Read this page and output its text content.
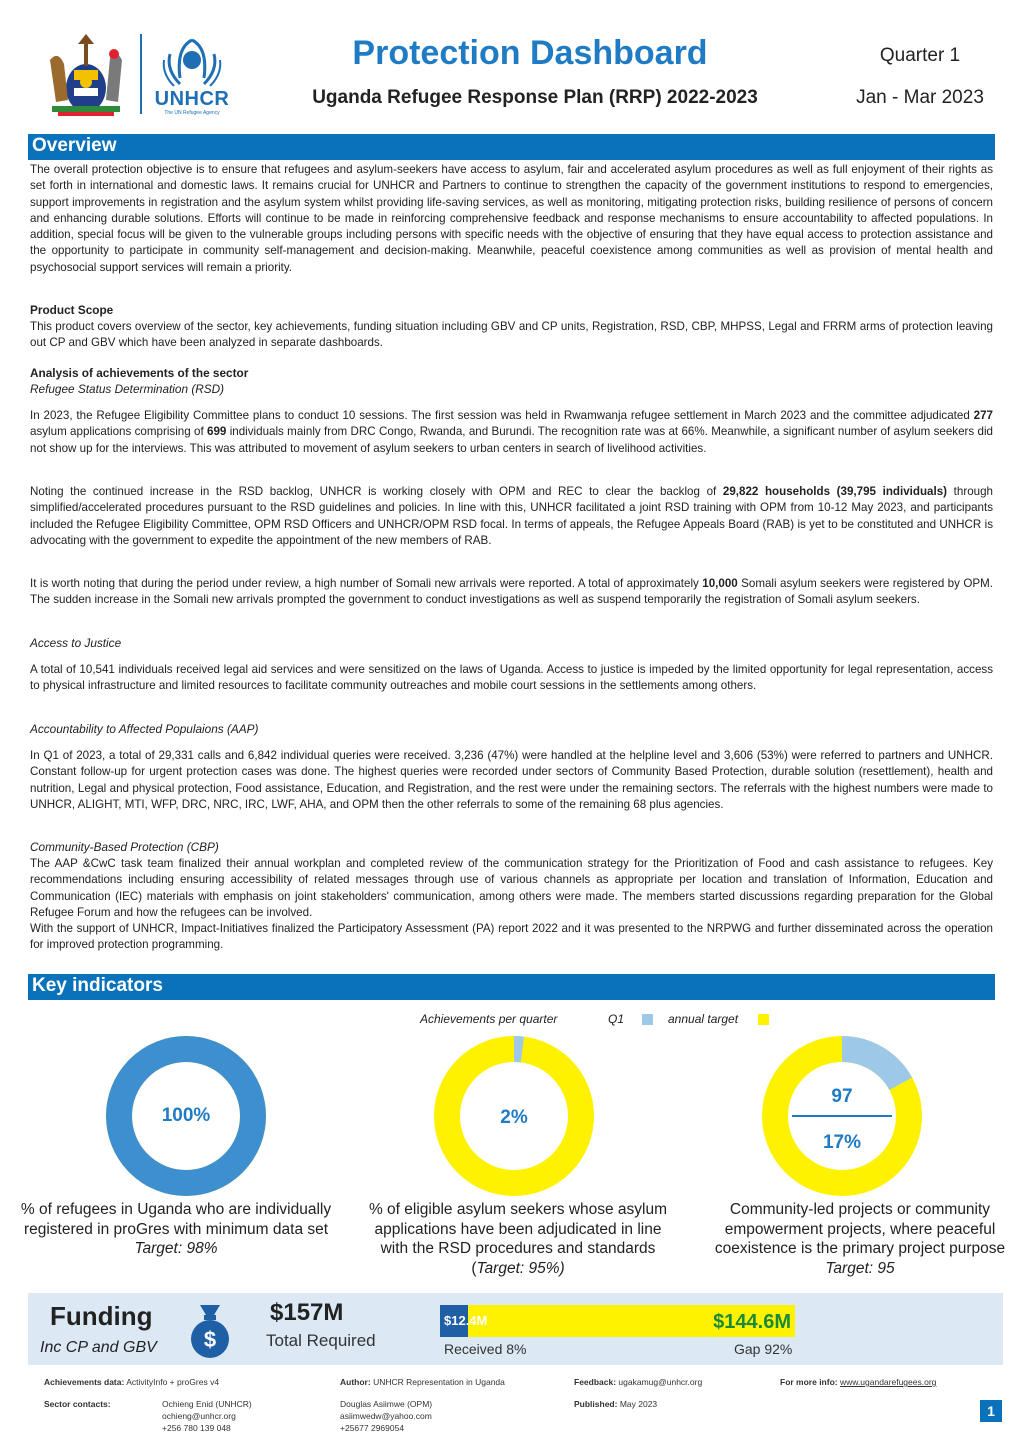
UNHCR
The UN Refugee Agency
Protection Dashboard
Uganda Refugee Response Plan (RRP) 2022-2023
Quarter 1
Jan - Mar 2023
Overview
The overall protection objective is to ensure that refugees and asylum-seekers have access to asylum, fair and accelerated asylum procedures as well as full enjoyment of their rights as set forth in international and domestic laws. It remains crucial for UNHCR and Partners to continue to strengthen the capacity of the government institutions to respond to emergencies, support improvements in registration and the asylum system whilst providing life-saving services, as well as monitoring, mitigating protection risks, building resilience of persons of concern and enhancing durable solutions. Efforts will continue to be made in reinforcing comprehensive feedback and response mechanisms to ensure accountability to affected populations. In addition, special focus will be given to the vulnerable groups including persons with specific needs with the objective of ensuring that they have equal access to protection assistance and the opportunity to participate in community self-management and decision-making. Meanwhile, peaceful coexistence among communities as well as provision of mental health and psychosocial support services will remain a priority.
Product Scope
This product covers overview of the sector, key achievements, funding situation including GBV and CP units, Registration, RSD, CBP, MHPSS, Legal and FRRM arms of protection leaving out CP and GBV which have been analyzed in separate dashboards.
Analysis of achievements of the sector
Refugee Status Determination (RSD)
In 2023, the Refugee Eligibility Committee plans to conduct 10 sessions. The first session was held in Rwamwanja refugee settlement in March 2023 and the committee adjudicated 277 asylum applications comprising of 699 individuals mainly from DRC Congo, Rwanda, and Burundi. The recognition rate was at 66%. Meanwhile, a significant number of asylum seekers did not show up for the interviews. This was attributed to movement of asylum seekers to urban centers in search of livelihood activities.
Noting the continued increase in the RSD backlog, UNHCR is working closely with OPM and REC to clear the backlog of 29,822 households (39,795 individuals) through simplified/accelerated procedures pursuant to the RSD guidelines and policies. In line with this, UNHCR facilitated a joint RSD training with OPM from 10-12 May 2023, and participants included the Refugee Eligibility Committee, OPM RSD Officers and UNHCR/OPM RSD focal. In terms of appeals, the Refugee Appeals Board (RAB) is yet to be constituted and UNHCR is advocating with the government to expedite the appointment of the new members of RAB.
It is worth noting that during the period under review, a high number of Somali new arrivals were reported. A total of approximately 10,000 Somali asylum seekers were registered by OPM. The sudden increase in the Somali new arrivals prompted the government to conduct investigations as well as suspend temporarily the registration of Somali asylum seekers.
Access to Justice
A total of 10,541 individuals received legal aid services and were sensitized on the laws of Uganda. Access to justice is impeded by the limited opportunity for legal representation, access to physical infrastructure and limited resources to facilitate community outreaches and mobile court sessions in the settlements among others.
Accountability to Affected Populaions (AAP)
In Q1 of 2023, a total of 29,331 calls and 6,842 individual queries were received. 3,236 (47%) were handled at the helpline level and 3,606 (53%) were referred to partners and UNHCR. Constant follow-up for urgent protection cases was done. The highest queries were recorded under sectors of Community Based Protection, durable solution (resettlement), health and nutrition, Legal and physical protection, Food assistance, Education, and Registration, and the rest were under the remaining sectors. The referrals with the highest numbers were made to UNHCR, ALIGHT, MTI, WFP, DRC, NRC, IRC, LWF, AHA, and OPM then the other referrals to some of the remaining 68 plus agencies.
Community-Based Protection (CBP)
The AAP &CwC task team finalized their annual workplan and completed review of the communication strategy for the Prioritization of Food and cash assistance to refugees. Key recommendations including ensuring accessibility of related messages through use of various channels as appropriate per location and translation of Information, Education and Communication (IEC) materials with emphasis on joint stakeholders' communication, among others were made. The members started discussions regarding preparation for the Global Refugee Forum and how the refugees can be involved.
With the support of UNHCR, Impact-Initiatives finalized the Participatory Assessment (PA) report 2022 and it was presented to the NRPWG and further disseminated across the operation for improved protection programming.
Key indicators
Achievements per quarter	Q1	annual target
100%	2%
97
17%
% of refugees in Uganda who are individually registered in proGres with minimum data set
Target: 98%
% of eligible asylum seekers whose asylum applications have been adjudicated in line with the RSD procedures and standards (Target: 95%)
Community-led projects or community empowerment projects, where peaceful coexistence is the primary project purpose
Target: 95
Funding
Inc CP and GBV $
$157M
Total Required
$12.4M	$144.6M
Received 8%	Gap 92%
Achievements data: ActivityInfo + proGres v4	Author: UNHCR Representation in Uganda	Feedback: ugakamug@unhcr.org	For more info: www.ugandarefugees.org
Sector contacts:	Ochieng Enid (UNHCR)
ochieng@unhcr.org
+256 780 139 048
Douglas Asiimwe (OPM)
asiimwedw@yahoo.com
+25677 2969054
Published: May 2023	1
